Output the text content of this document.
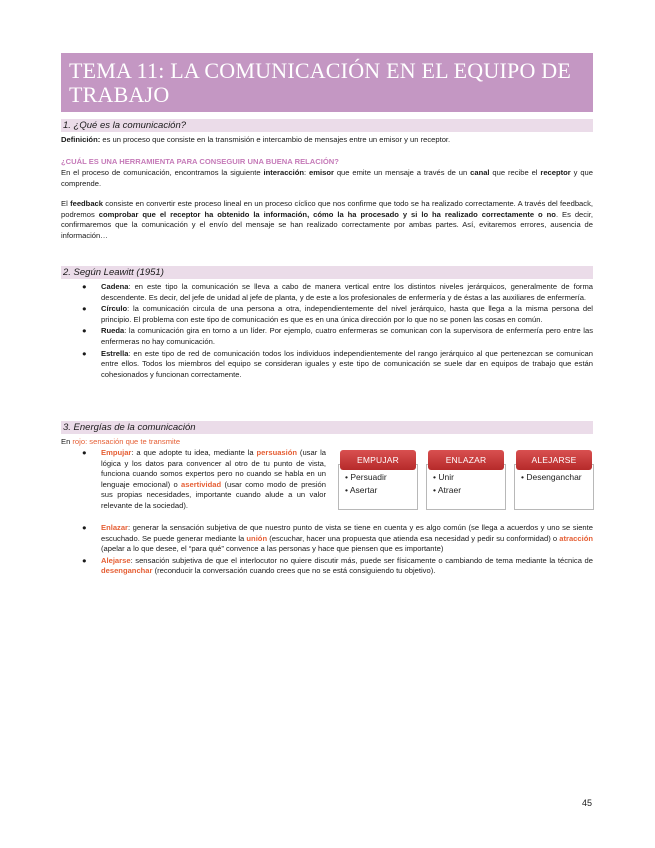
TEMA 11: LA COMUNICACIÓN EN EL EQUIPO DE TRABAJO
1. ¿Qué es la comunicación?
Definición: es un proceso que consiste en la transmisión e intercambio de mensajes entre un emisor y un receptor.
¿CUÁL ES UNA HERRAMIENTA PARA CONSEGUIR UNA BUENA RELACIÓN?
En el proceso de comunicación, encontramos la siguiente interacción: emisor que emite un mensaje a través de un canal que recibe el receptor y que comprende.
El feedback consiste en convertir este proceso lineal en un proceso cíclico que nos confirme que todo se ha realizado correctamente. A través del feedback, podremos comprobar que el receptor ha obtenido la información, cómo la ha procesado y si lo ha realizado correctamente o no. Es decir, confirmaremos que la comunicación y el envío del mensaje se han realizado correctamente por ambas partes. Así, evitaremos errores, ausencia de información…
2. Según Leawitt (1951)
● Cadena: en este tipo la comunicación se lleva a cabo de manera vertical entre los distintos niveles jerárquicos, generalmente de forma descendente. Es decir, del jefe de unidad al jefe de planta, y de este a los profesionales de enfermería y de éstas a las auxiliares de enfermería.
● Círculo: la comunicación circula de una persona a otra, independientemente del nivel jerárquico, hasta que llega a la misma persona del principio. El problema con este tipo de comunicación es que es en una única dirección por lo que no se ponen las cosas en común.
● Rueda: la comunicación gira en torno a un líder. Por ejemplo, cuatro enfermeras se comunican con la supervisora de enfermería pero entre las enfermeras no hay comunicación.
● Estrella: en este tipo de red de comunicación todos los individuos independientemente del rango jerárquico al que pertenezcan se comunican entre ellos. Todos los miembros del equipo se consideran iguales y este tipo de comunicación se suele dar en equipos de trabajo que están cohesionados y funcionan correctamente.
3. Energías de la comunicación
En rojo: sensación que te transmite
● Empujar: a que adopte tu idea, mediante la persuasión (usar la lógica y los datos para convencer al otro de tu punto de vista, funciona cuando somos expertos pero no cuando se habla en un lenguaje emocional) o asertividad (usar como modo de presión sus propias necesidades, importante cuando alude a un valor relevante de la sociedad).
● Enlazar: generar la sensación subjetiva de que nuestro punto de vista se tiene en cuenta y es algo común (se llega a acuerdos y uno se siente escuchado. Se puede generar mediante la unión (escuchar, hacer una propuesta que atienda esa necesidad y pedir su conformidad) o atracción (apelar a lo que desee, el “para qué” convence a las personas y hace que piensen que es importante)
● Alejarse: sensación subjetiva de que el interlocutor no quiere discutir más, puede ser físicamente o cambiando de tema mediante la técnica de desenganchar (reconducir la conversación cuando crees que no se está consiguiendo tu objetivo).
• Persuadir
• Asertar
EMPUJAR
• Unir
• Atraer
ENLAZAR
• Desenganchar
ALEJARSE
45
